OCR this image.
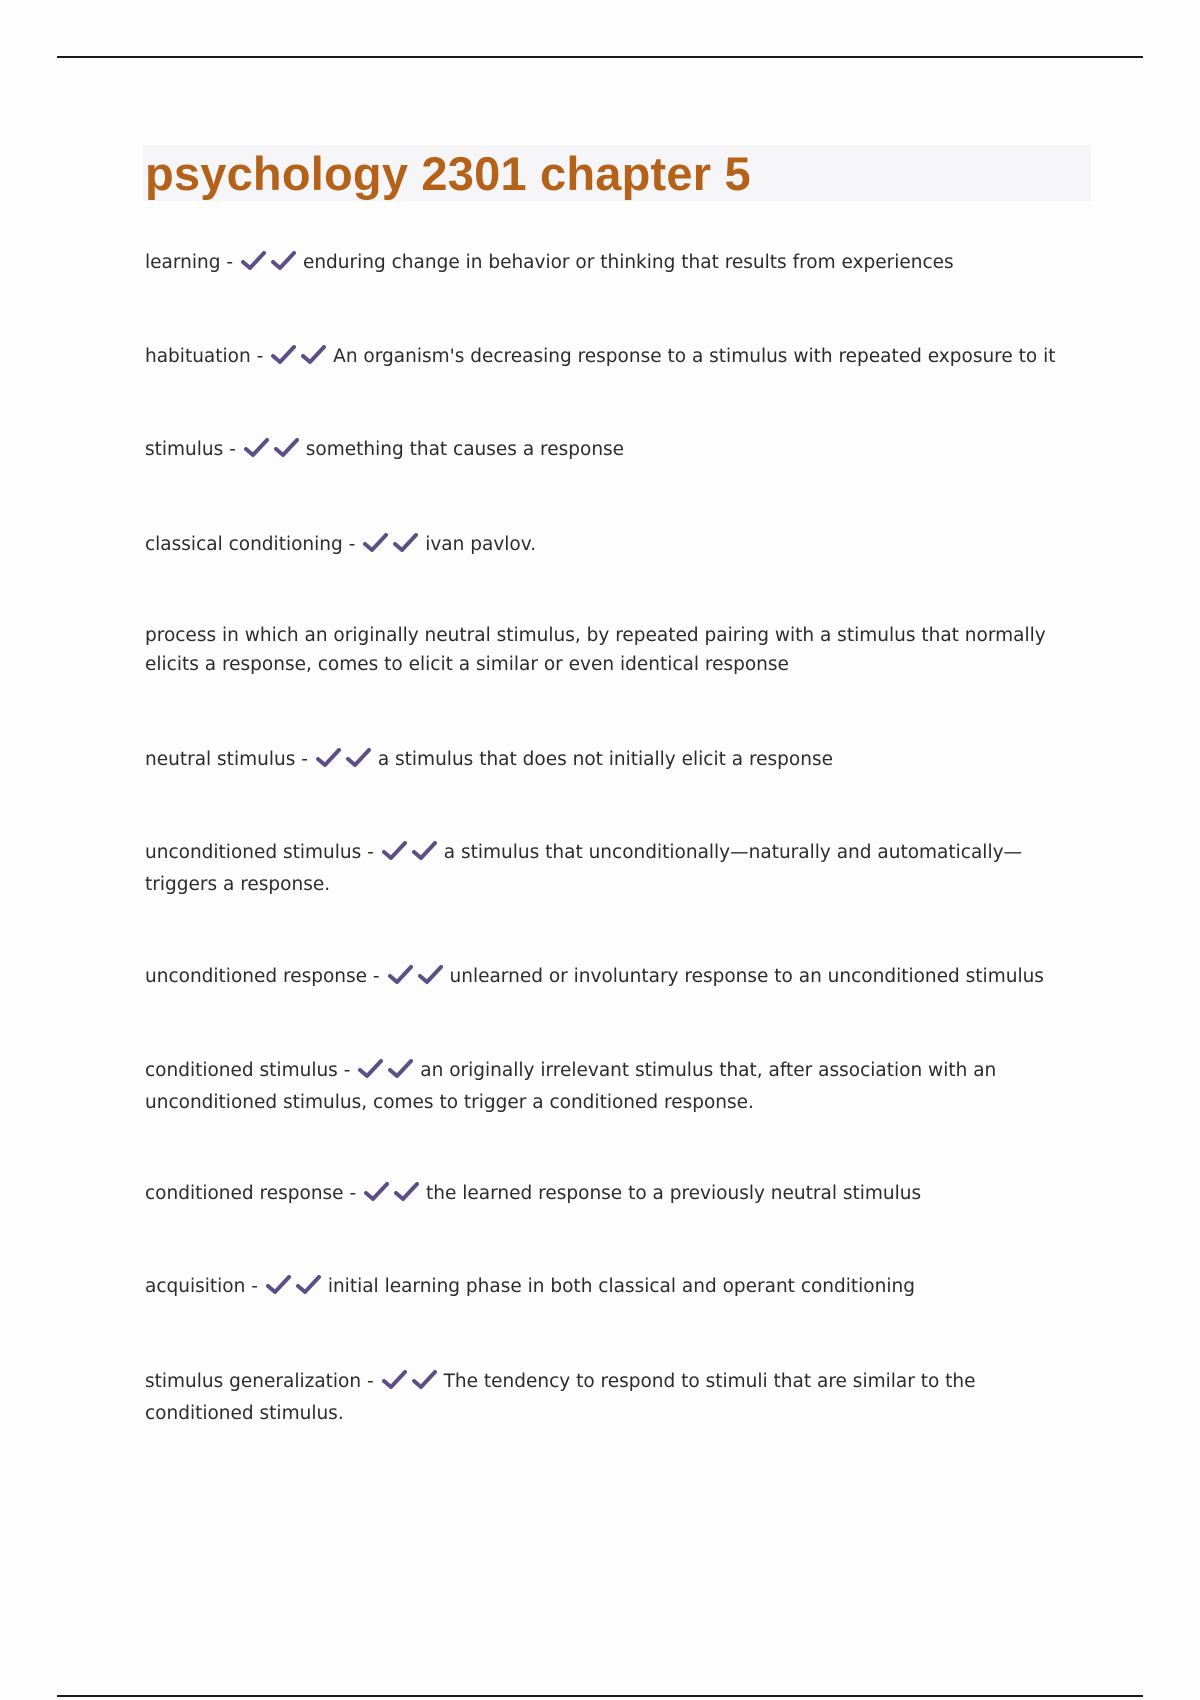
psychology 2301 chapter 5

learning -	enduring change in behavior or thinking that results from experiences

habituation -	An organism's decreasing response to a stimulus with repeated exposure to it

stimulus -	something that causes a response

classical conditioning -	ivan pavlov.

process in which an originally neutral stimulus, by repeated pairing with a stimulus that normally elicits a response, comes to elicit a similar or even identical response

neutral stimulus -	a stimulus that does not initially elicit a response

unconditioned stimulus -	a stimulus that unconditionally—naturally and automatically—triggers a response.

unconditioned response -	unlearned or involuntary response to an unconditioned stimulus

conditioned stimulus -	an originally irrelevant stimulus that, after association with an unconditioned stimulus, comes to trigger a conditioned response.

conditioned response -	the learned response to a previously neutral stimulus

acquisition -	initial learning phase in both classical and operant conditioning

stimulus generalization -	The tendency to respond to stimuli that are similar to the conditioned stimulus.
